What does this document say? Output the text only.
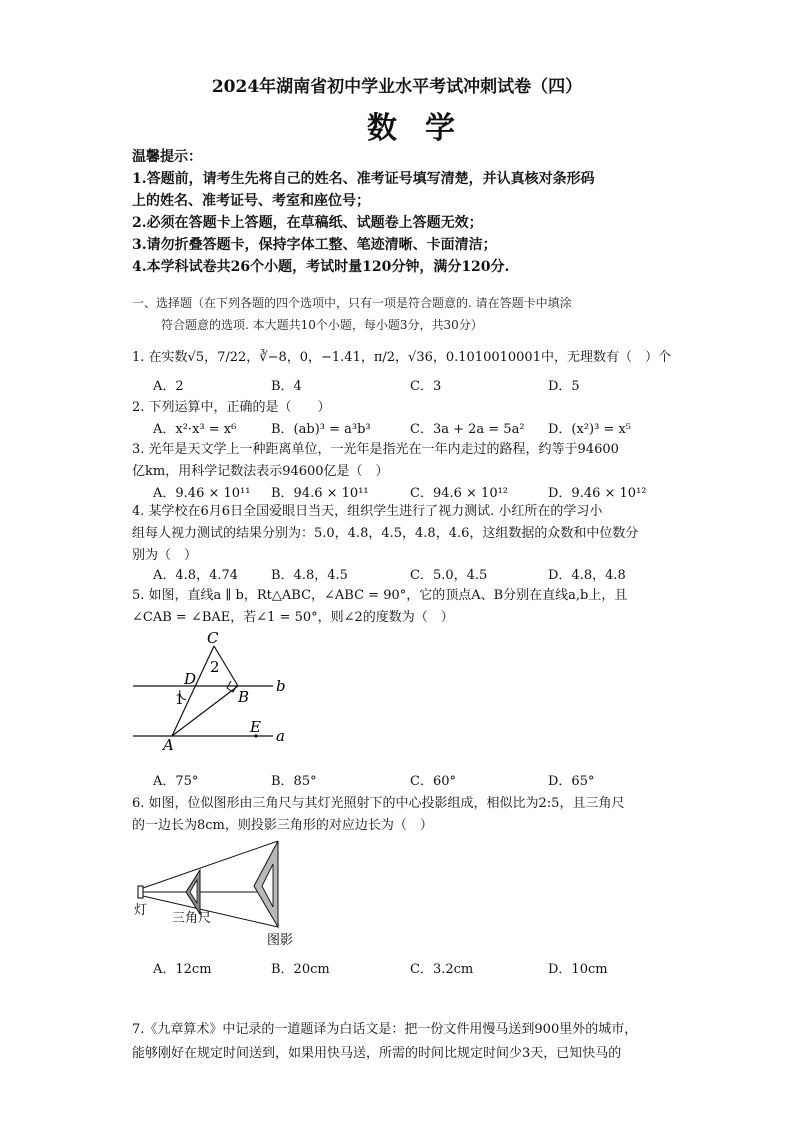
2024年湖南省初中学业水平考试冲刺试卷（四）
数学
温馨提示：
1.答题前，请考生先将自己的姓名、准考证号填写清楚，并认真核对条形码
上的姓名、准考证号、考室和座位号；
2.必须在答题卡上答题，在草稿纸、试题卷上答题无效；
3.请勿折叠答题卡，保持字体工整、笔迹清晰、卡面清洁；
4.本学科试卷共26个小题，考试时量120分钟，满分120分.
一、选择题（在下列各题的四个选项中，只有一项是符合题意的. 请在答题卡中填涂
符合题意的选项. 本大题共10个小题，每小题3分，共30分）
1. 在实数√5，7/22，∛−8，0，−1.41，π/2，√36，0.1010010001中，无理数有（　）个
A．2	B．4	C．3	D．5
2. 下列运算中，正确的是（　　）
A．x²·x³ = x⁶	B．(ab)³ = a³b³	C．3a + 2a = 5a² D．(x²)³ = x⁵
3. 光年是天文学上一种距离单位，一光年是指光在一年内走过的路程，约等于94600
亿km，用科学记数法表示94600亿是（　）
A．9.46 × 10¹¹ B．94.6 × 10¹¹	C．94.6 × 10¹²	D．9.46 × 10¹²
4. 某学校在6月6日全国爱眼日当天，组织学生进行了视力测试. 小红所在的学习小
组每人视力测试的结果分别为：5.0，4.8，4.5，4.8，4.6，这组数据的众数和中位数分
别为（　）
A．4.8，4.74	B．4.8，4.5	C．5.0，4.5	D．4.8，4.8
5. 如图，直线a ∥ b，Rt△ABC，∠ABC = 90°，它的顶点A、B分别在直线a,b上，且
∠CAB = ∠BAE，若∠1 = 50°，则∠2的度数为（　）
C
2
D
1	B
b
E
A	a
A．75°	B．85°	C．60°	D．65°
6. 如图，位似图形由三角尺与其灯光照射下的中心投影组成，相似比为2:5，且三角尺
的一边长为8cm，则投影三角形的对应边长为（　）
灯
三角尺
图影
A．12cm	B．20cm	C．3.2cm	D．10cm
7.《九章算术》中记录的一道题译为白话文是：把一份文件用慢马送到900里外的城市，
能够刚好在规定时间送到，如果用快马送，所需的时间比规定时间少3天，已知快马的
